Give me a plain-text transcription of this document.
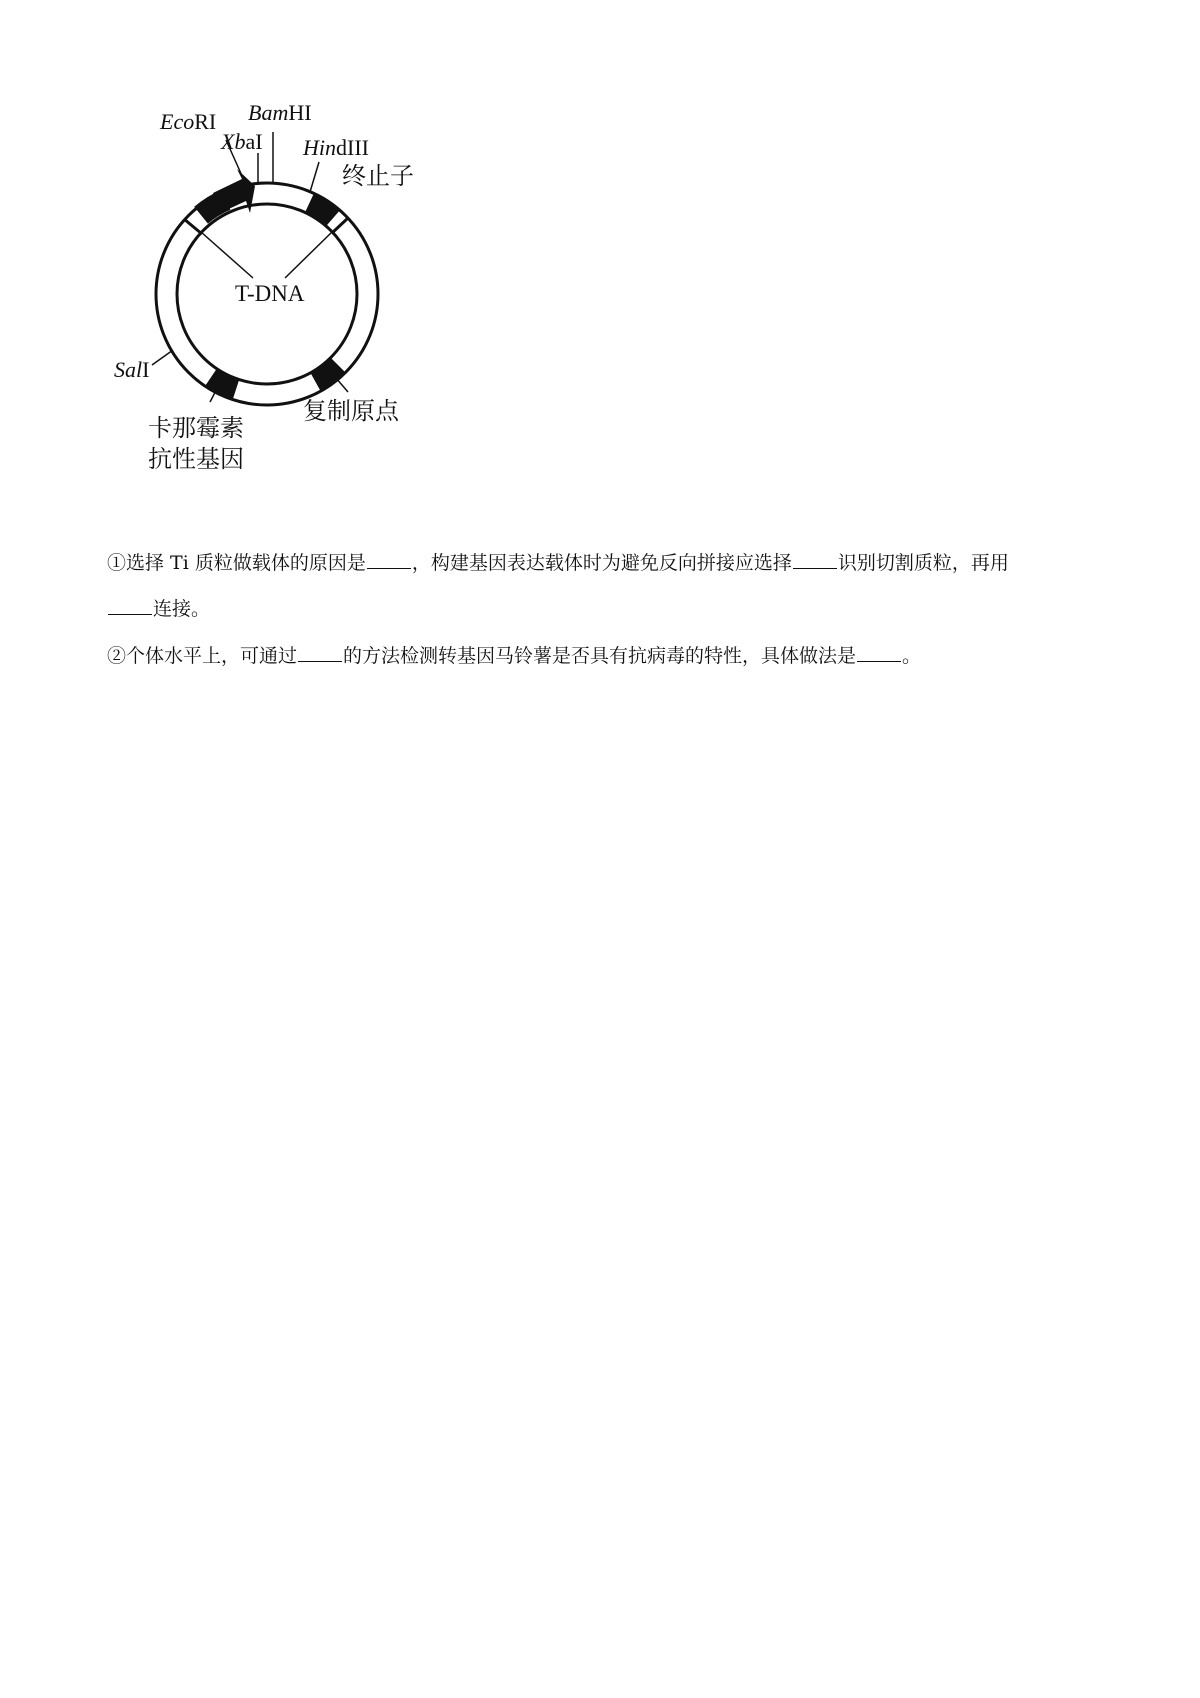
EcoRI BamHI
XbaI HindIII
SalI
终止子
T-DNA
复制原点
卡那霉素
抗性基因
①选择 Ti 质粒做载体的原因是 ，构建基因表达载体时为避免反向拼接应选择 识别切割质粒，再用
连接。
②个体水平上，可通过 的方法检测转基因马铃薯是否具有抗病毒的特性，具体做法是 。
